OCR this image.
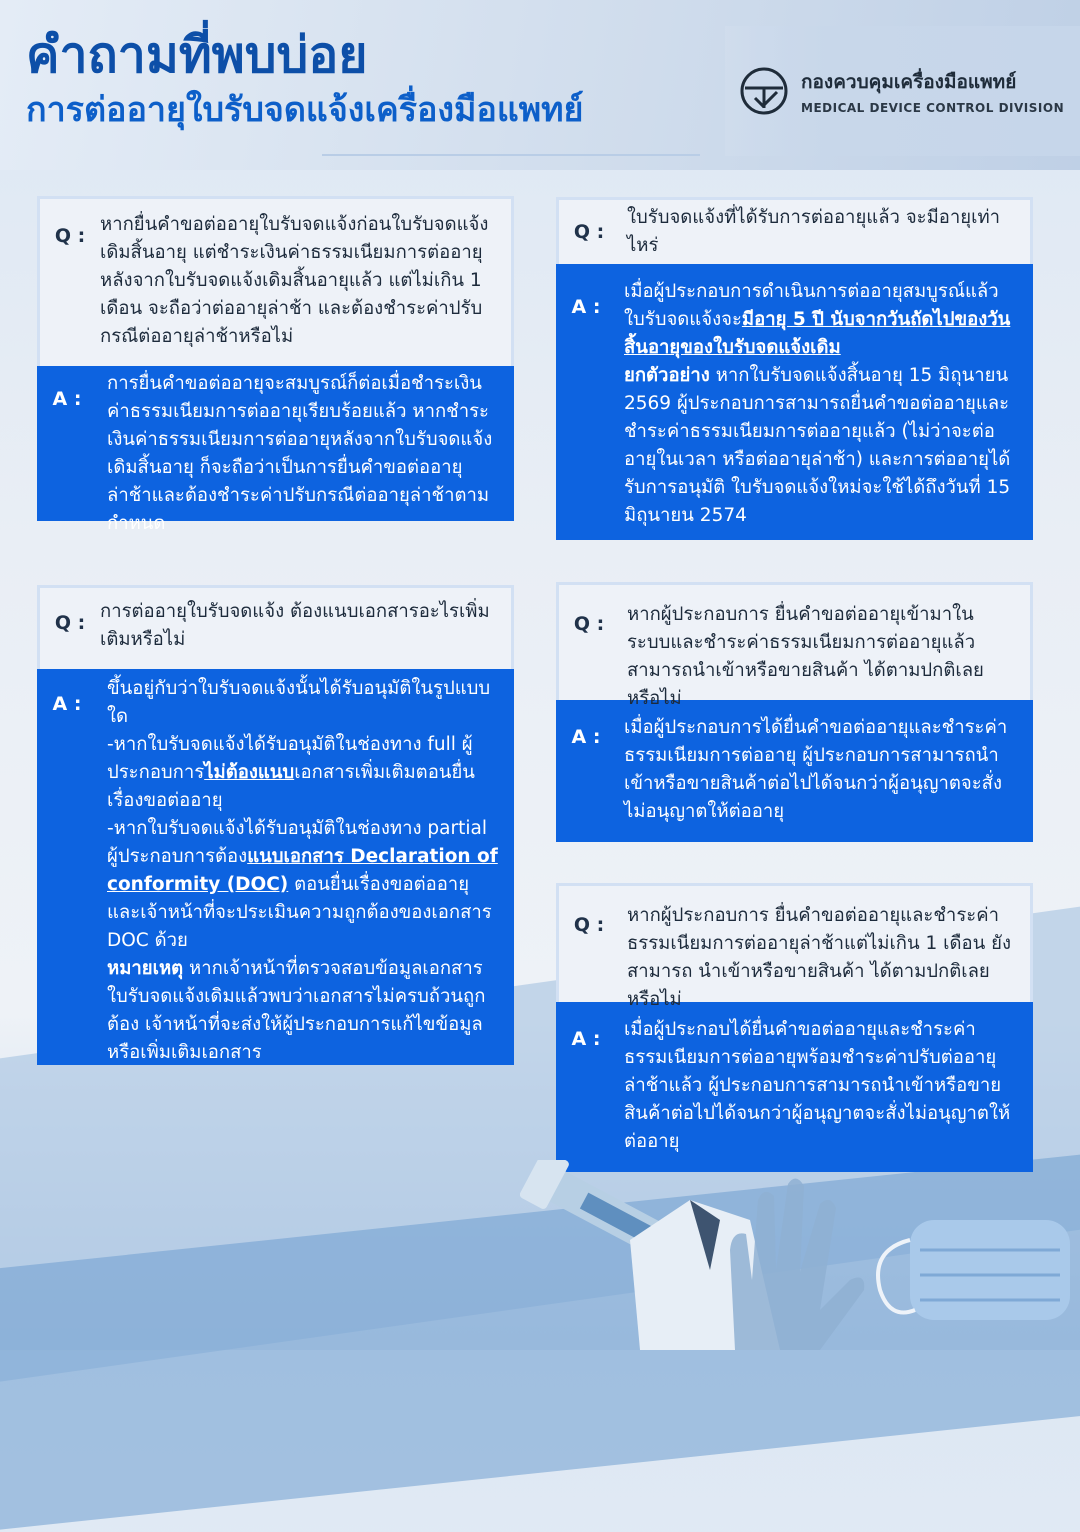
คำถามที่พบบ่อย
การต่ออายุใบรับจดแจ้งเครื่องมือแพทย์
กองควบคุมเครื่องมือแพทย์
MEDICAL DEVICE CONTROL DIVISION
Q :
หากยื่นคำขอต่ออายุใบรับจดแจ้งก่อนใบรับจดแจ้งเดิมสิ้นอายุ แต่ชำระเงินค่าธรรมเนียมการต่ออายุหลังจากใบรับจดแจ้งเดิมสิ้นอายุแล้ว แต่ไม่เกิน 1 เดือน จะถือว่าต่ออายุล่าช้า และต้องชำระค่าปรับกรณีต่ออายุล่าช้าหรือไม่
A :
การยื่นคำขอต่ออายุจะสมบูรณ์ก็ต่อเมื่อชำระเงินค่าธรรมเนียมการต่ออายุเรียบร้อยแล้ว หากชำระเงินค่าธรรมเนียมการต่ออายุหลังจากใบรับจดแจ้งเดิมสิ้นอายุ ก็จะถือว่าเป็นการยื่นคำขอต่ออายุล่าช้าและต้องชำระค่าปรับกรณีต่ออายุล่าช้าตามกำหนด
Q :
ใบรับจดแจ้งที่ได้รับการต่ออายุแล้ว จะมีอายุเท่าไหร่
A :
เมื่อผู้ประกอบการดำเนินการต่ออายุสมบูรณ์แล้ว ใบรับจดแจ้งจะมีอายุ 5 ปี นับจากวันถัดไปของวันสิ้นอายุของใบรับจดแจ้งเดิม
ยกตัวอย่าง หากใบรับจดแจ้งสิ้นอายุ 15 มิถุนายน 2569 ผู้ประกอบการสามารถยื่นคำขอต่ออายุและชำระค่าธรรมเนียมการต่ออายุแล้ว (ไม่ว่าจะต่ออายุในเวลา หรือต่ออายุล่าช้า) และการต่ออายุได้รับการอนุมัติ ใบรับจดแจ้งใหม่จะใช้ได้ถึงวันที่ 15 มิถุนายน 2574
Q :
การต่ออายุใบรับจดแจ้ง ต้องแนบเอกสารอะไรเพิ่มเติมหรือไม่
A :
ขึ้นอยู่กับว่าใบรับจดแจ้งนั้นได้รับอนุมัติในรูปแบบใด
-หากใบรับจดแจ้งได้รับอนุมัติในช่องทาง full ผู้ประกอบการไม่ต้องแนบเอกสารเพิ่มเติมตอนยื่นเรื่องขอต่ออายุ
-หากใบรับจดแจ้งได้รับอนุมัติในช่องทาง partial ผู้ประกอบการต้องแนบเอกสาร Declaration of conformity (DOC) ตอนยื่นเรื่องขอต่ออายุ และเจ้าหน้าที่จะประเมินความถูกต้องของเอกสาร DOC ด้วย
หมายเหตุ หากเจ้าหน้าที่ตรวจสอบข้อมูลเอกสารใบรับจดแจ้งเดิมแล้วพบว่าเอกสารไม่ครบถ้วนถูกต้อง เจ้าหน้าที่จะส่งให้ผู้ประกอบการแก้ไขข้อมูลหรือเพิ่มเติมเอกสาร
Q :	หากผู้ประกอบการ ยื่นคำขอต่ออายุเข้ามาในระบบและชำระค่าธรรมเนียมการต่ออายุแล้ว สามารถนำเข้าหรือขายสินค้า ได้ตามปกติเลยหรือไม่
A :	เมื่อผู้ประกอบการได้ยื่นคำขอต่ออายุและชำระค่าธรรมเนียมการต่ออายุ ผู้ประกอบการสามารถนำเข้าหรือขายสินค้าต่อไปได้จนกว่าผู้อนุญาตจะสั่งไม่อนุญาตให้ต่ออายุ
Q :	หากผู้ประกอบการ ยื่นคำขอต่ออายุและชำระค่าธรรมเนียมการต่ออายุล่าช้าแต่ไม่เกิน 1 เดือน ยังสามารถ นำเข้าหรือขายสินค้า ได้ตามปกติเลยหรือไม่
A :	เมื่อผู้ประกอบได้ยื่นคำขอต่ออายุและชำระค่าธรรมเนียมการต่ออายุพร้อมชำระค่าปรับต่ออายุล่าช้าแล้ว ผู้ประกอบการสามารถนำเข้าหรือขายสินค้าต่อไปได้จนกว่าผู้อนุญาตจะสั่งไม่อนุญาตให้ต่ออายุ
